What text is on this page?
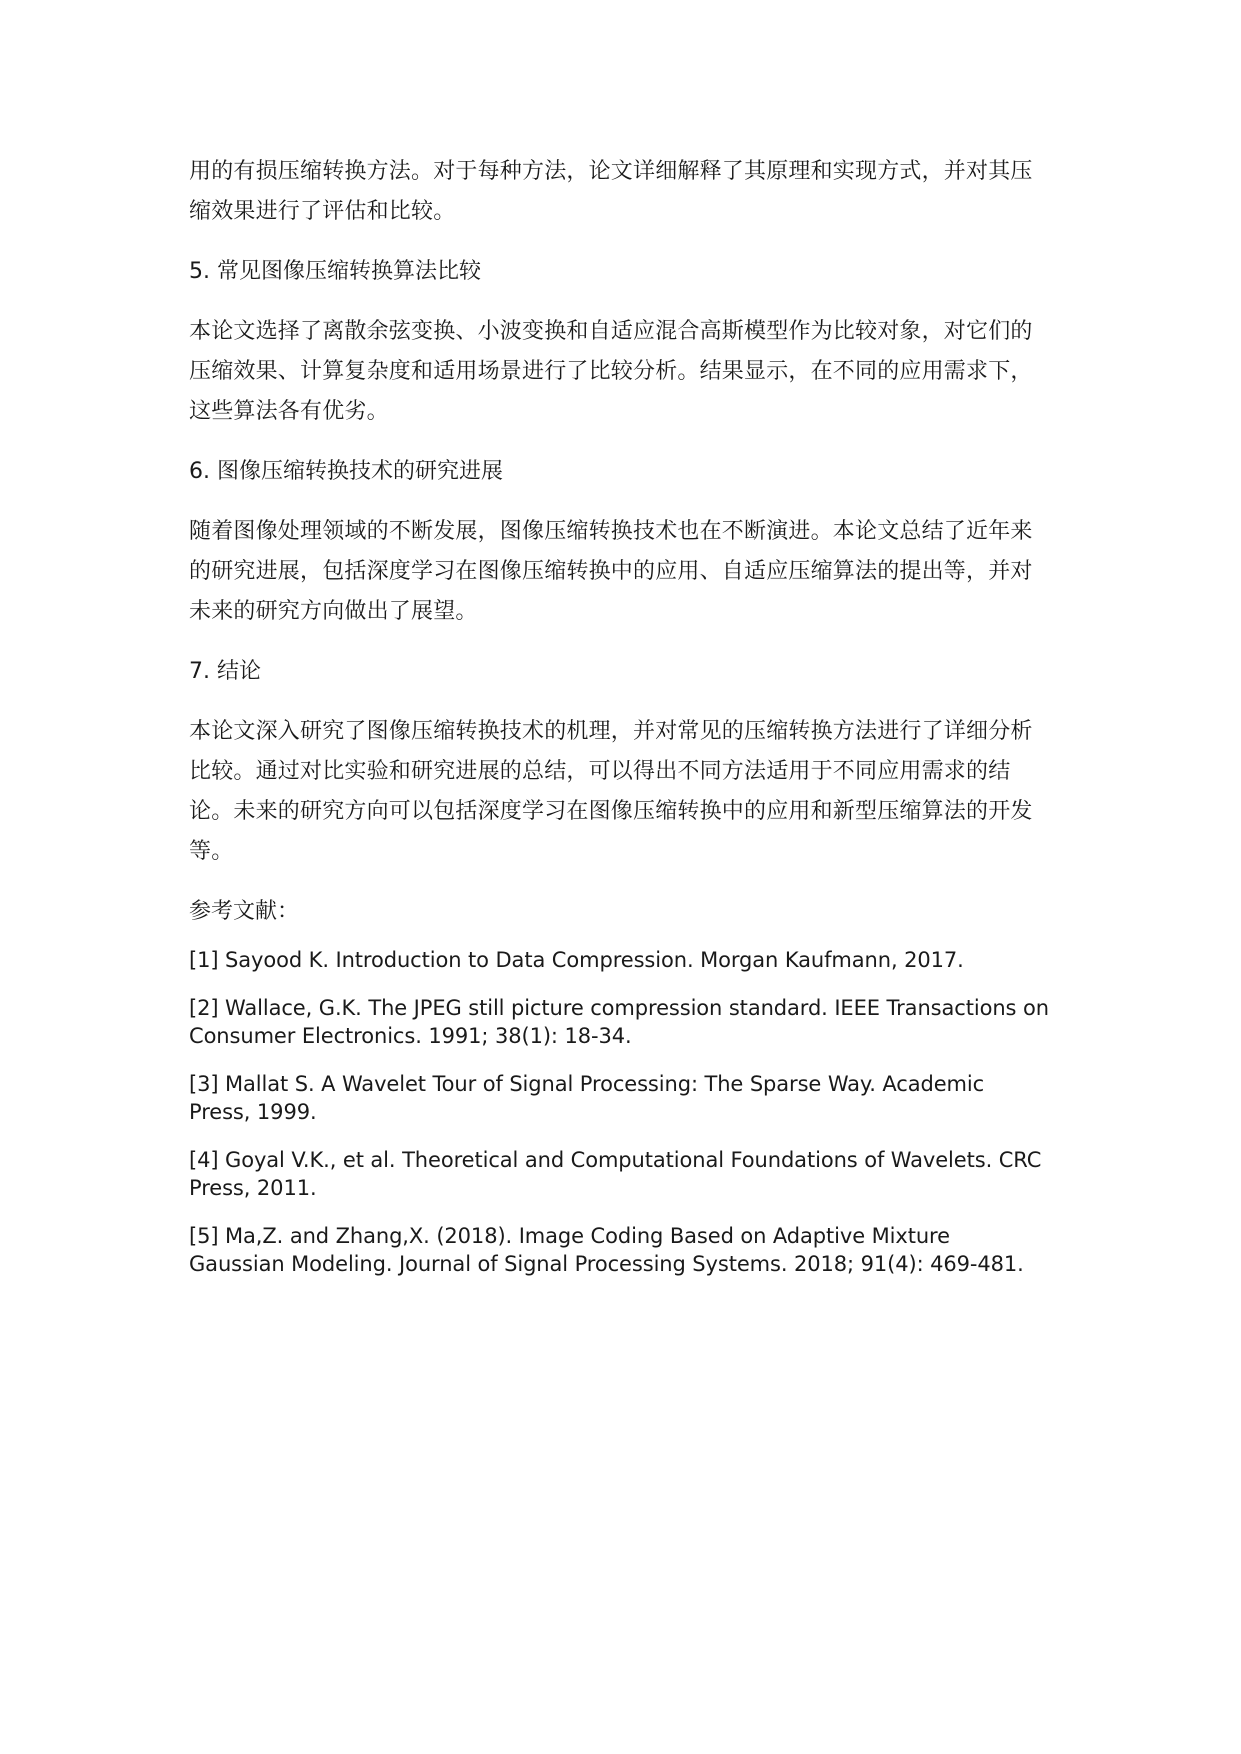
用的有损压缩转换方法。对于每种方法，论文详细解释了其原理和实现方式，并对其压缩效果进行了评估和比较。

5. 常见图像压缩转换算法比较

本论文选择了离散余弦变换、小波变换和自适应混合高斯模型作为比较对象，对它们的压缩效果、计算复杂度和适用场景进行了比较分析。结果显示，在不同的应用需求下，这些算法各有优劣。

6. 图像压缩转换技术的研究进展

随着图像处理领域的不断发展，图像压缩转换技术也在不断演进。本论文总结了近年来的研究进展，包括深度学习在图像压缩转换中的应用、自适应压缩算法的提出等，并对未来的研究方向做出了展望。

7. 结论

本论文深入研究了图像压缩转换技术的机理，并对常见的压缩转换方法进行了详细分析比较。通过对比实验和研究进展的总结，可以得出不同方法适用于不同应用需求的结论。未来的研究方向可以包括深度学习在图像压缩转换中的应用和新型压缩算法的开发等。

参考文献：

[1] Sayood K. Introduction to Data Compression. Morgan Kaufmann, 2017.

[2] Wallace, G.K. The JPEG still picture compression standard. IEEE Transactions on Consumer Electronics. 1991; 38(1): 18-34.

[3] Mallat S. A Wavelet Tour of Signal Processing: The Sparse Way. Academic Press, 1999.

[4] Goyal V.K., et al. Theoretical and Computational Foundations of Wavelets. CRC Press, 2011.

[5] Ma,Z. and Zhang,X. (2018). Image Coding Based on Adaptive Mixture Gaussian Modeling. Journal of Signal Processing Systems. 2018; 91(4): 469-481.
